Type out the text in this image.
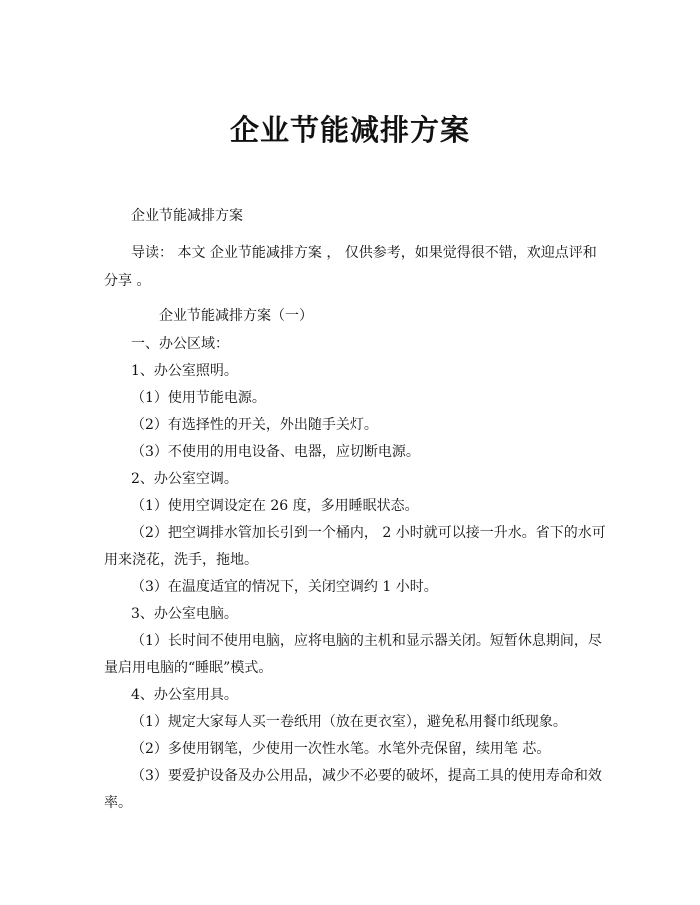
企业节能减排方案
企业节能减排方案
导读： 本文 企业节能减排方案 ， 仅供参考，如果觉得很不错，欢迎点评和
分享 。
企业节能减排方案（一）
一、办公区域：
1、办公室照明。
（1）使用节能电源。
（2）有选择性的开关，外出随手关灯。
（3）不使用的用电设备、电器，应切断电源。
2、办公室空调。
（1）使用空调设定在 26 度，多用睡眠状态。
（2）把空调排水管加长引到一个桶内， 2 小时就可以接一升水。省下的水可
用来浇花，洗手，拖地。
（3）在温度适宜的情况下，关闭空调约 1 小时。
3、办公室电脑。
（1）长时间不使用电脑，应将电脑的主机和显示器关闭。短暂休息期间，尽
量启用电脑的“睡眠”模式。
4、办公室用具。
（1）规定大家每人买一卷纸用（放在更衣室），避免私用餐巾纸现象。
（2）多使用钢笔，少使用一次性水笔。水笔外壳保留，续用笔 芯。
（3）要爱护设备及办公用品，减少不必要的破坏，提高工具的使用寿命和效
率。
